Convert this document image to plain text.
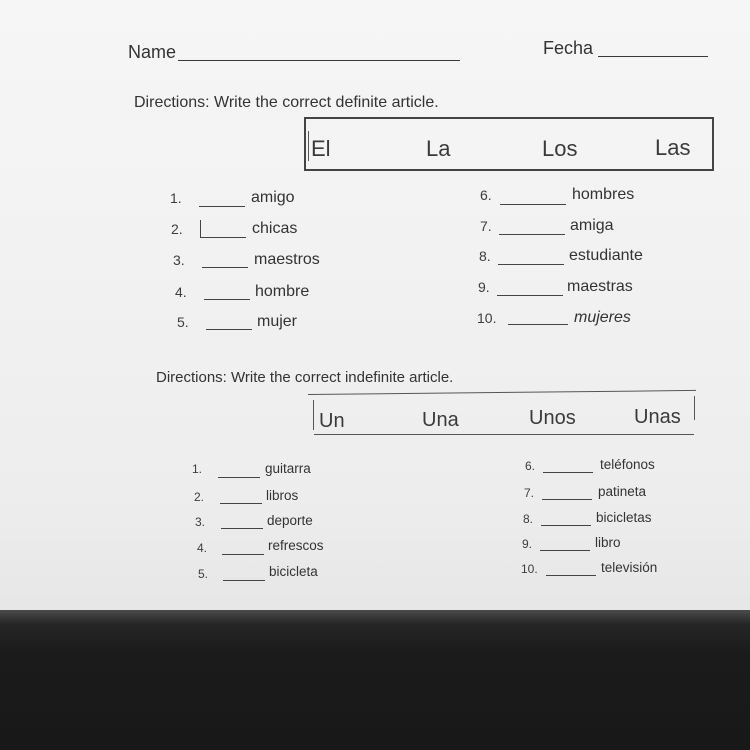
Name	Fecha
Directions: Write the correct definite article.
El	La	Los	Las
1.	amigo
2.	chicas
3.	maestros
4.	hombre
5.	mujer
6.	hombres
7.	amiga
8.	estudiante
9.	maestras
10.	mujeres
Directions: Write the correct indefinite article.
Un	Una	Unos	Unas
1.	guitarra
2.	libros
3.	deporte
4.	refrescos
5.	bicicleta
6.	teléfonos
7.	patineta
8.	bicicletas
9.	libro
10.	televisión
